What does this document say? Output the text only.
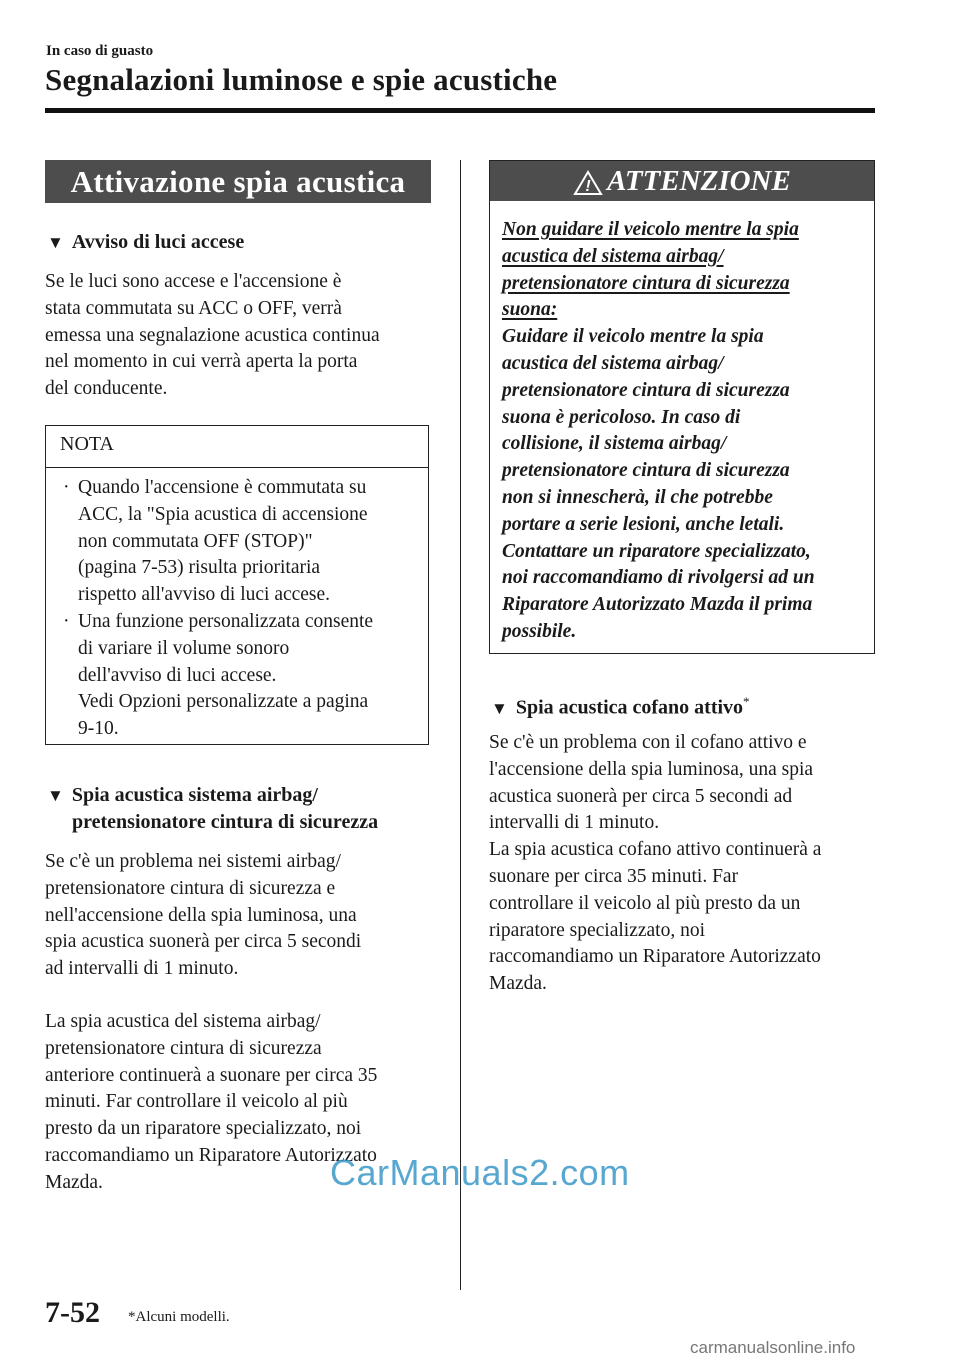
In caso di guasto
Segnalazioni luminose e spie acustiche
Attivazione spia acustica
▼ Avviso di luci accese
Se le luci sono accese e l'accensione è
stata commutata su ACC o OFF, verrà
emessa una segnalazione acustica continua
nel momento in cui verrà aperta la porta
del conducente.
NOTA
· Quando l'accensione è commutata su
ACC, la "Spia acustica di accensione
non commutata OFF (STOP)"
(pagina 7-53) risulta prioritaria
rispetto all'avviso di luci accese.
· Una funzione personalizzata consente
di variare il volume sonoro
dell'avviso di luci accese.
Vedi Opzioni personalizzate a pagina
9-10.
▼ Spia acustica sistema airbag/
pretensionatore cintura di sicurezza
Se c'è un problema nei sistemi airbag/
pretensionatore cintura di sicurezza e
nell'accensione della spia luminosa, una
spia acustica suonerà per circa 5 secondi
ad intervalli di 1 minuto.
La spia acustica del sistema airbag/
pretensionatore cintura di sicurezza
anteriore continuerà a suonare per circa 35
minuti. Far controllare il veicolo al più
presto da un riparatore specializzato, noi
raccomandiamo un Riparatore Autorizzato
Mazda.
! ATTENZIONE
Non guidare il veicolo mentre la spia
acustica del sistema airbag/
pretensionatore cintura di sicurezza
suona:
Guidare il veicolo mentre la spia
acustica del sistema airbag/
pretensionatore cintura di sicurezza
suona è pericoloso. In caso di
collisione, il sistema airbag/
pretensionatore cintura di sicurezza
non si innescherà, il che potrebbe
portare a serie lesioni, anche letali.
Contattare un riparatore specializzato,
noi raccomandiamo di rivolgersi ad un
Riparatore Autorizzato Mazda il prima
possibile.
▼ Spia acustica cofano attivo*
Se c'è un problema con il cofano attivo e
l'accensione della spia luminosa, una spia
acustica suonerà per circa 5 secondi ad
intervalli di 1 minuto.
La spia acustica cofano attivo continuerà a
suonare per circa 35 minuti. Far
controllare il veicolo al più presto da un
riparatore specializzato, noi
raccomandiamo un Riparatore Autorizzato
Mazda.
7-52 *Alcuni modelli.
CarManuals2.com
carmanualsonline.info
